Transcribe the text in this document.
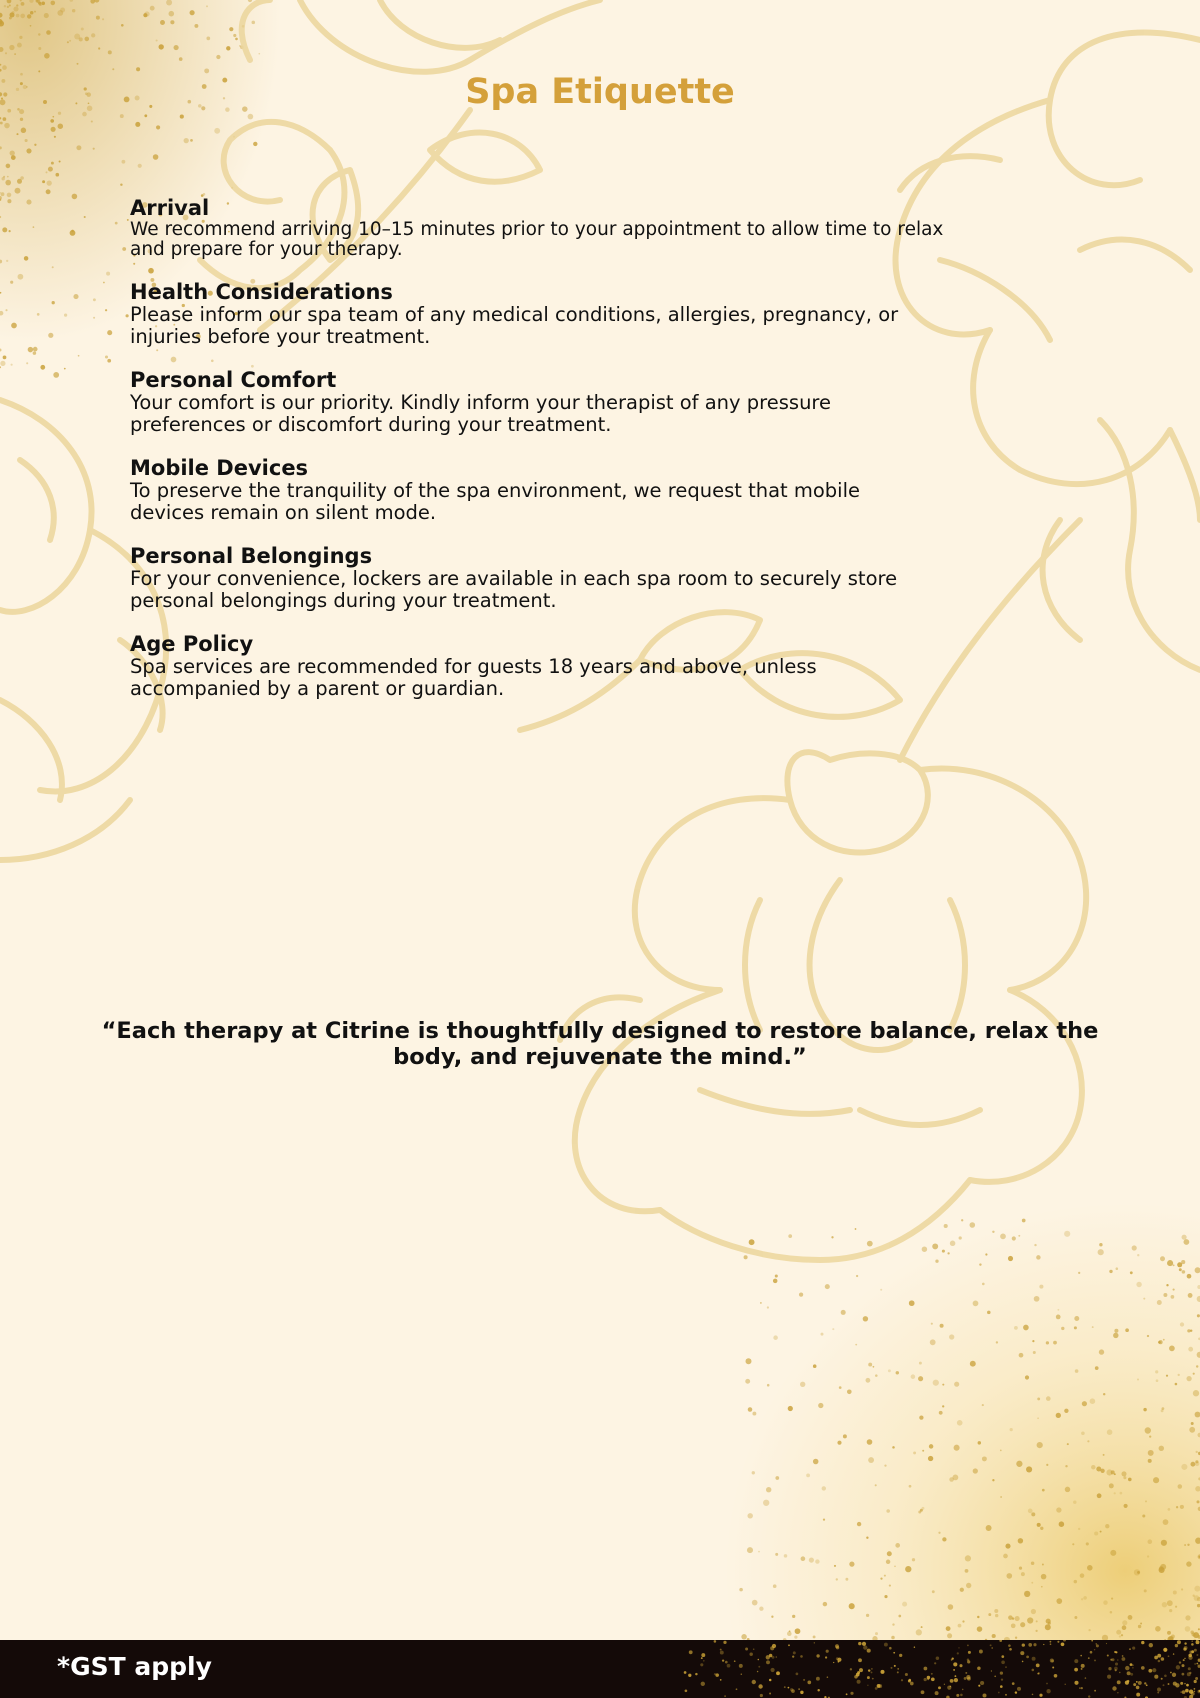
Spa Etiquette

Arrival

We recommend arriving 10–15 minutes prior to your appointment to allow time to relax
and prepare for your therapy.

Health Considerations

Please inform our spa team of any medical conditions, allergies, pregnancy, or
injuries before your treatment.

Personal Comfort

Your comfort is our priority. Kindly inform your therapist of any pressure
preferences or discomfort during your treatment.

Mobile Devices

To preserve the tranquility of the spa environment, we request that mobile
devices remain on silent mode.

Personal Belongings

For your convenience, lockers are available in each spa room to securely store
personal belongings during your treatment.

Age Policy

Spa services are recommended for guests 18 years and above, unless
accompanied by a parent or guardian.

“Each therapy at Citrine is thoughtfully designed to restore balance, relax the body, and rejuvenate the mind.”

*GST apply
